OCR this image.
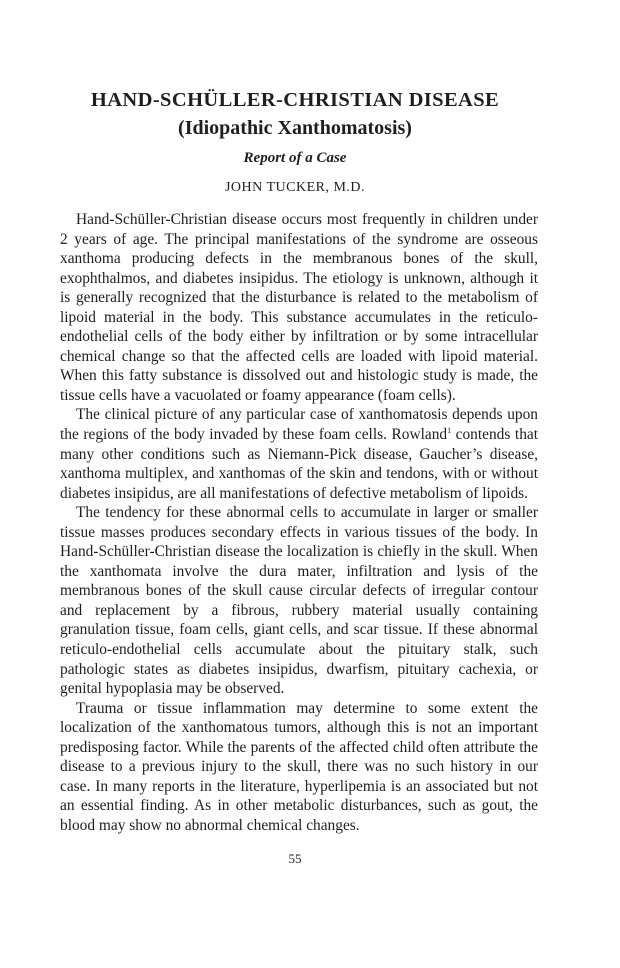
HAND-SCHÜLLER-CHRISTIAN DISEASE
(Idiopathic Xanthomatosis)
Report of a Case
JOHN TUCKER, M.D.

Hand-Schüller-Christian disease occurs most frequently in children under 2 years of age. The principal manifestations of the syndrome are osseous xanthoma producing defects in the membranous bones of the skull, exophthalmos, and diabetes insipidus. The etiology is unknown, although it is generally recognized that the disturbance is related to the metabolism of lipoid material in the body. This substance accumulates in the reticulo-endothelial cells of the body either by infiltration or by some intracellular chemical change so that the affected cells are loaded with lipoid material. When this fatty substance is dissolved out and histologic study is made, the tissue cells have a vacuolated or foamy appearance (foam cells).

The clinical picture of any particular case of xanthomatosis depends upon the regions of the body invaded by these foam cells. Rowland$^1$ contends that many other conditions such as Niemann-Pick disease, Gaucher’s disease, xanthoma multiplex, and xanthomas of the skin and tendons, with or without diabetes insipidus, are all manifestations of defective metabolism of lipoids.

The tendency for these abnormal cells to accumulate in larger or smaller tissue masses produces secondary effects in various tissues of the body. In Hand-Schüller-Christian disease the localization is chiefly in the skull. When the xanthomata involve the dura mater, infiltration and lysis of the membranous bones of the skull cause circular defects of irregular contour and replacement by a fibrous, rubbery material usually containing granulation tissue, foam cells, giant cells, and scar tissue. If these abnormal reticulo-endothelial cells accumulate about the pituitary stalk, such pathologic states as diabetes insipidus, dwarfism, pituitary cachexia, or genital hypoplasia may be observed.

Trauma or tissue inflammation may determine to some extent the localization of the xanthomatous tumors, although this is not an important predisposing factor. While the parents of the affected child often attribute the disease to a previous injury to the skull, there was no such history in our case. In many reports in the literature, hyperlipemia is an associated but not an essential finding. As in other metabolic disturbances, such as gout, the blood may show no abnormal chemical changes.

55
